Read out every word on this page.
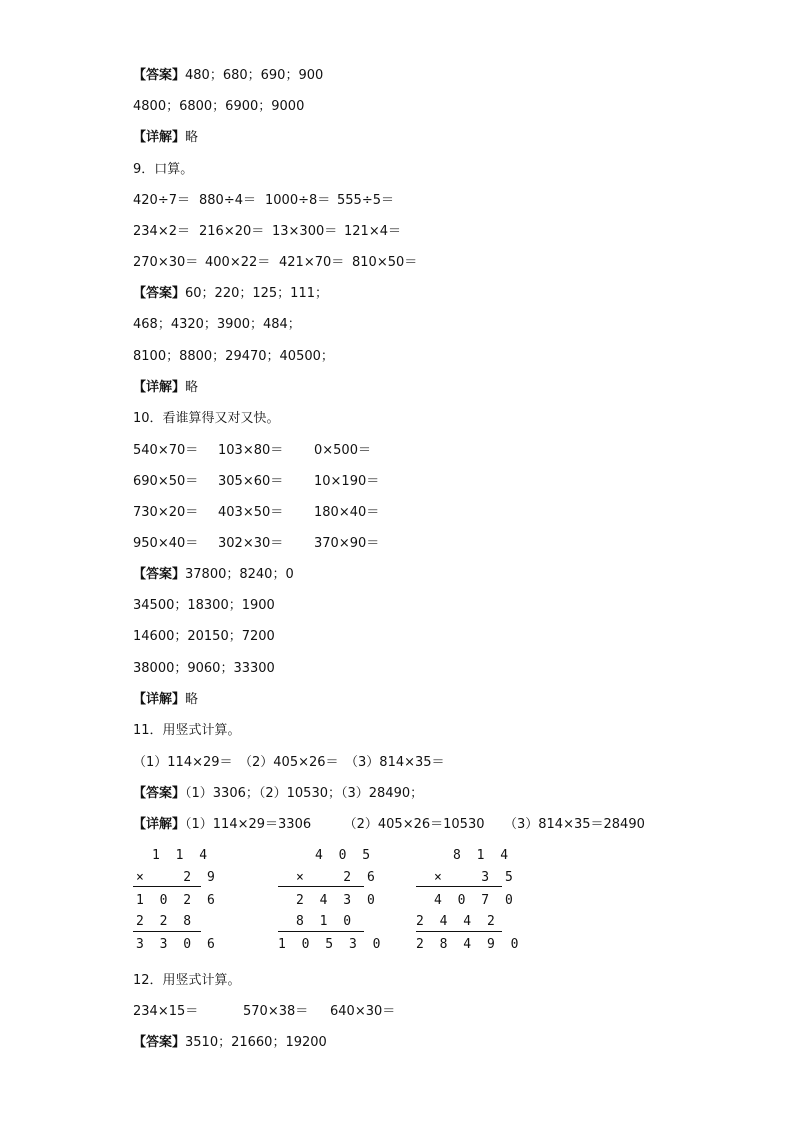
【答案】480；680；690；900
4800；6800；6900；9000
【详解】略
9．口算。
420÷7＝ 880÷4＝ 1000÷8＝ 555÷5＝
234×2＝ 216×20＝ 13×300＝ 121×4＝
270×30＝ 400×22＝ 421×70＝ 810×50＝
【答案】60；220；125；111；
468；4320；3900；484；
8100；8800；29470；40500；
【详解】略
10．看谁算得又对又快。
540×70＝ 103×80＝ 0×500＝
690×50＝ 305×60＝ 10×190＝
730×20＝ 403×50＝ 180×40＝
950×40＝ 302×30＝ 370×90＝
【答案】37800；8240；0
34500；18300；1900
14600；20150；7200
38000；9060；33300
【详解】略
11．用竖式计算。
（1）114×29＝　（2）405×26＝　（3）814×35＝
【答案】（1）3306；（2）10530；（3）28490；
【详解】（1）114×29＝3306　　　（2）405×26＝10530　　（3）814×35＝28490
1 1 4
×   2 9
1 0 2 6
2 2 8
3 3 0 6
4 0 5
×   2 6
2 4 3 0
8 1 0
1 0 5 3 0
8 1 4
×   3 5
4 0 7 0
2 4 4 2
2 8 4 9 0
12．用竖式计算。
234×15＝	570×38＝ 640×30＝
【答案】3510；21660；19200
